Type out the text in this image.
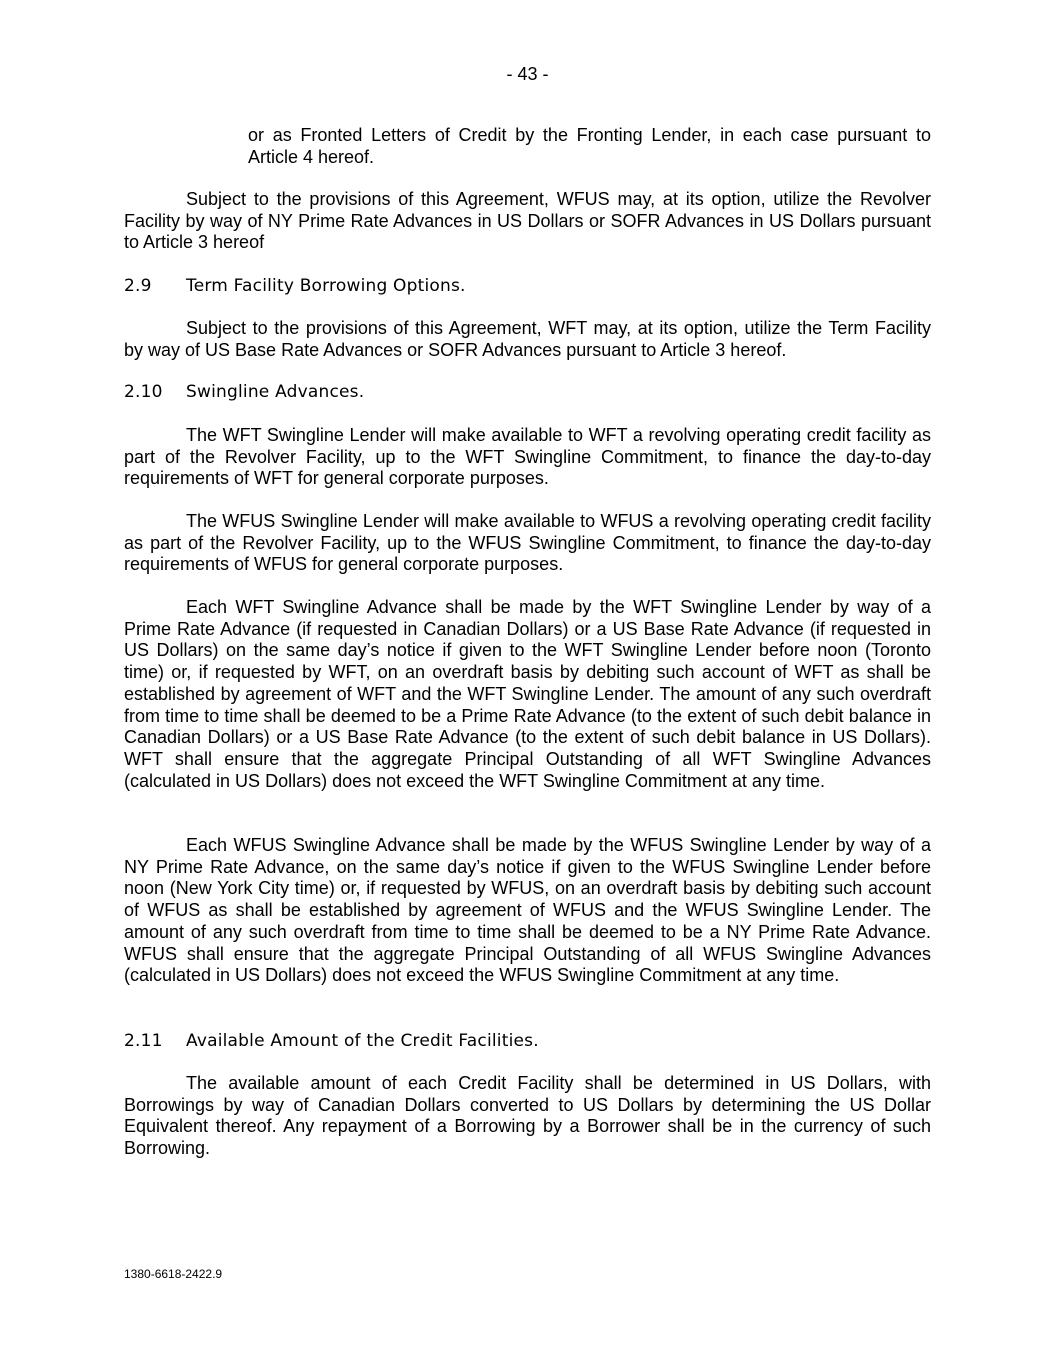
- 43 -

or as Fronted Letters of Credit by the Fronting Lender, in each case pursuant to Article 4 hereof.

Subject to the provisions of this Agreement, WFUS may, at its option, utilize the Revolver Facility by way of NY Prime Rate Advances in US Dollars or SOFR Advances in US Dollars pursuant to Article 3 hereof

2.9 Term Facility Borrowing Options.

Subject to the provisions of this Agreement, WFT may, at its option, utilize the Term Facility by way of US Base Rate Advances or SOFR Advances pursuant to Article 3 hereof.

2.10 Swingline Advances.

The WFT Swingline Lender will make available to WFT a revolving operating credit facility as part of the Revolver Facility, up to the WFT Swingline Commitment, to finance the day-to-day requirements of WFT for general corporate purposes.

The WFUS Swingline Lender will make available to WFUS a revolving operating credit facility as part of the Revolver Facility, up to the WFUS Swingline Commitment, to finance the day-to-day requirements of WFUS for general corporate purposes.

Each WFT Swingline Advance shall be made by the WFT Swingline Lender by way of a Prime Rate Advance (if requested in Canadian Dollars) or a US Base Rate Advance (if requested in US Dollars) on the same day’s notice if given to the WFT Swingline Lender before noon (Toronto time) or, if requested by WFT, on an overdraft basis by debiting such account of WFT as shall be established by agreement of WFT and the WFT Swingline Lender. The amount of any such overdraft from time to time shall be deemed to be a Prime Rate Advance (to the extent of such debit balance in Canadian Dollars) or a US Base Rate Advance (to the extent of such debit balance in US Dollars). WFT shall ensure that the aggregate Principal Outstanding of all WFT Swingline Advances (calculated in US Dollars) does not exceed the WFT Swingline Commitment at any time.

Each WFUS Swingline Advance shall be made by the WFUS Swingline Lender by way of a NY Prime Rate Advance, on the same day’s notice if given to the WFUS Swingline Lender before noon (New York City time) or, if requested by WFUS, on an overdraft basis by debiting such account of WFUS as shall be established by agreement of WFUS and the WFUS Swingline Lender. The amount of any such overdraft from time to time shall be deemed to be a NY Prime Rate Advance. WFUS shall ensure that the aggregate Principal Outstanding of all WFUS Swingline Advances (calculated in US Dollars) does not exceed the WFUS Swingline Commitment at any time.

2.11 Available Amount of the Credit Facilities.

The available amount of each Credit Facility shall be determined in US Dollars, with Borrowings by way of Canadian Dollars converted to US Dollars by determining the US Dollar Equivalent thereof. Any repayment of a Borrowing by a Borrower shall be in the currency of such Borrowing.

1380-6618-2422.9
